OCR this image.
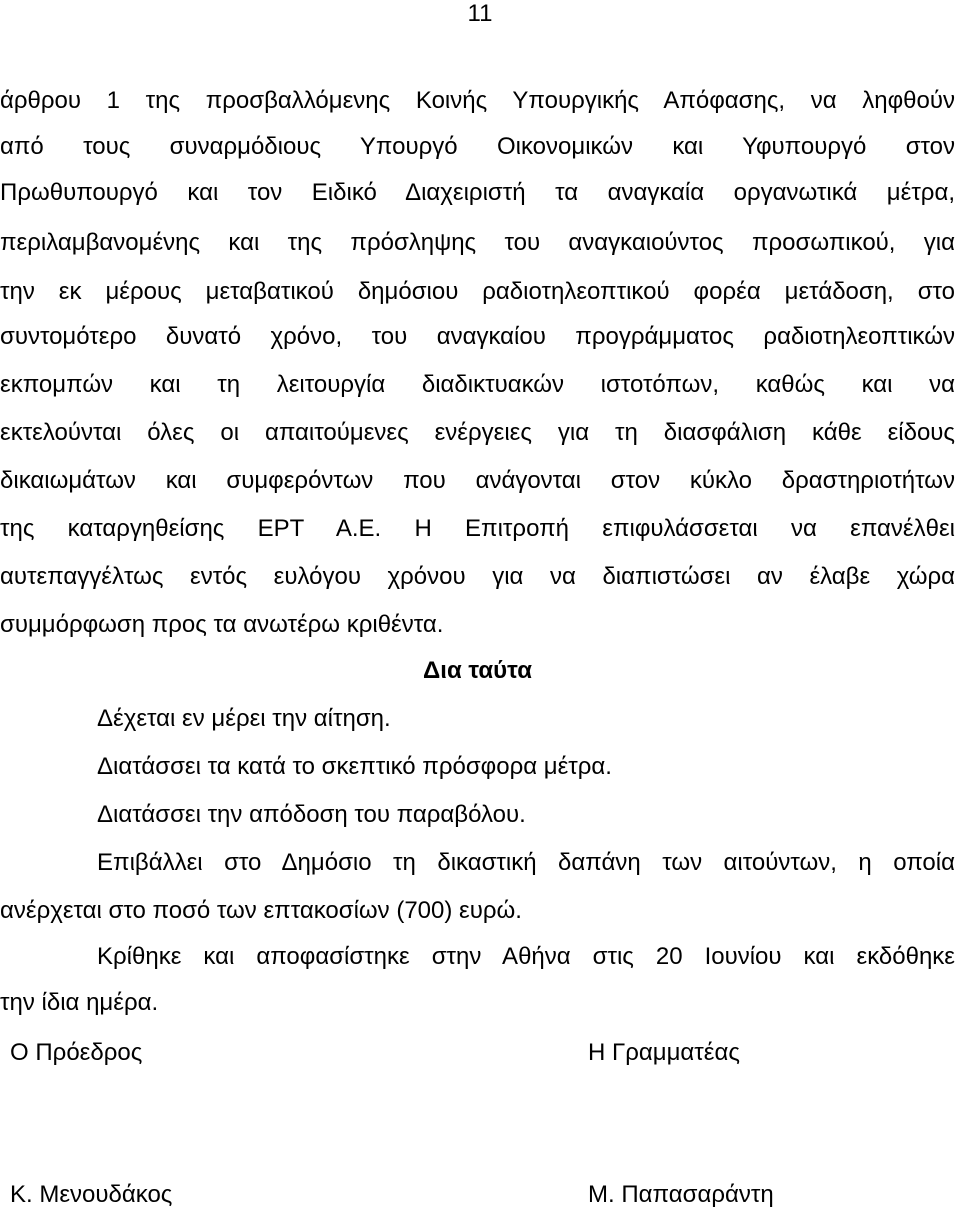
11
άρθρου 1 της προσβαλλόμενης Κοινής Υπουργικής Απόφασης, να ληφθούν
από τους συναρμόδιους Υπουργό Οικονομικών και Υφυπουργό στον
Πρωθυπουργό και τον Ειδικό Διαχειριστή τα αναγκαία οργανωτικά μέτρα,
περιλαμβανομένης και της πρόσληψης του αναγκαιούντος προσωπικού, για
την εκ μέρους μεταβατικού δημόσιου ραδιοτηλεοπτικού φορέα μετάδοση, στο
συντομότερο δυνατό χρόνο, του αναγκαίου προγράμματος ραδιοτηλεοπτικών
εκπομπών και τη λειτουργία διαδικτυακών ιστοτόπων, καθώς και να
εκτελούνται όλες οι απαιτούμενες ενέργειες για τη διασφάλιση κάθε είδους
δικαιωμάτων και συμφερόντων που ανάγονται στον κύκλο δραστηριοτήτων
της καταργηθείσης ΕΡΤ Α.Ε. Η Επιτροπή επιφυλάσσεται να επανέλθει
αυτεπαγγέλτως εντός ευλόγου χρόνου για να διαπιστώσει αν έλαβε χώρα
συμμόρφωση προς τα ανωτέρω κριθέντα.
Δια ταύτα
Δέχεται εν μέρει την αίτηση.
Διατάσσει τα κατά το σκεπτικό πρόσφορα μέτρα.
Διατάσσει την απόδοση του παραβόλου.
Επιβάλλει στο Δημόσιο τη δικαστική δαπάνη των αιτούντων, η οποία
ανέρχεται στο ποσό των επτακοσίων (700) ευρώ.
Κρίθηκε και αποφασίστηκε στην Αθήνα στις 20 Ιουνίου και εκδόθηκε
την ίδια ημέρα.
Ο Πρόεδρος	Η Γραμματέας
Κ. Μενουδάκος	Μ. Παπασαράντη
